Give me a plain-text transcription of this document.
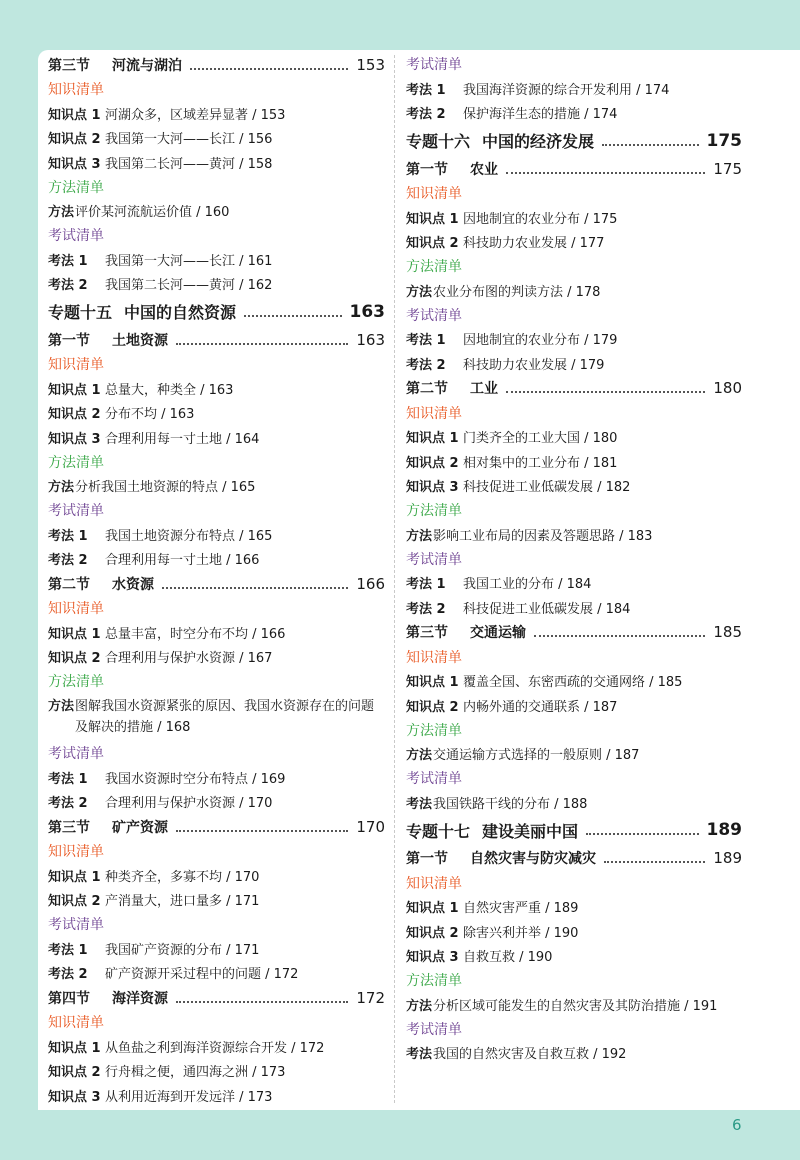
第三节 河流与湖泊	153
知识清单
知识点 1 河湖众多，区域差异显著 / 153
知识点 2 我国第一大河——长江 / 156
知识点 3 我国第二长河——黄河 / 158
方法清单
方法 评价某河流航运价值 / 160
考试清单
考法 1	我国第一大河——长江 / 161
考法 2	我国第二长河——黄河 / 162
专题十五 中国的自然资源	163
第一节 土地资源	163
知识清单
知识点 1 总量大，种类全 / 163
知识点 2 分布不均 / 163
知识点 3 合理利用每一寸土地 / 164
方法清单
方法 分析我国土地资源的特点 / 165
考试清单
考法 1	我国土地资源分布特点 / 165
考法 2	合理利用每一寸土地 / 166
第二节 水资源	166
知识清单
知识点 1 总量丰富，时空分布不均 / 166
知识点 2 合理利用与保护水资源 / 167
方法清单
方法 图解我国水资源紧张的原因、我国水资源存在的问题及解决的措施 / 168
考试清单
考法 1	我国水资源时空分布特点 / 169
考法 2	合理利用与保护水资源 / 170
第三节 矿产资源	170
知识清单
知识点 1 种类齐全，多寡不均 / 170
知识点 2 产消量大，进口量多 / 171
考试清单
考法 1	我国矿产资源的分布 / 171
考法 2	矿产资源开采过程中的问题 / 172
第四节 海洋资源	172
知识清单
知识点 1 从鱼盐之利到海洋资源综合开发 / 172
知识点 2 行舟楫之便，通四海之洲 / 173
知识点 3 从利用近海到开发远洋 / 173
考试清单
考法 1	我国海洋资源的综合开发利用 / 174
考法 2	保护海洋生态的措施 / 174
专题十六 中国的经济发展	175
第一节 农业	175
知识清单
知识点 1 因地制宜的农业分布 / 175
知识点 2 科技助力农业发展 / 177
方法清单
方法 农业分布图的判读方法 / 178
考试清单
考法 1	因地制宜的农业分布 / 179
考法 2	科技助力农业发展 / 179
第二节 工业	180
知识清单
知识点 1 门类齐全的工业大国 / 180
知识点 2 相对集中的工业分布 / 181
知识点 3 科技促进工业低碳发展 / 182
方法清单
方法 影响工业布局的因素及答题思路 / 183
考试清单
考法 1	我国工业的分布 / 184
考法 2	科技促进工业低碳发展 / 184
第三节 交通运输	185
知识清单
知识点 1 覆盖全国、东密西疏的交通网络 / 185
知识点 2 内畅外通的交通联系 / 187
方法清单
方法 交通运输方式选择的一般原则 / 187
考试清单
考法 我国铁路干线的分布 / 188
专题十七 建设美丽中国	189
第一节 自然灾害与防灾减灾	189
知识清单
知识点 1 自然灾害严重 / 189
知识点 2 除害兴利并举 / 190
知识点 3 自救互救 / 190
方法清单
方法 分析区域可能发生的自然灾害及其防治措施 / 191
考试清单
考法 我国的自然灾害及自救互救 / 192
6
